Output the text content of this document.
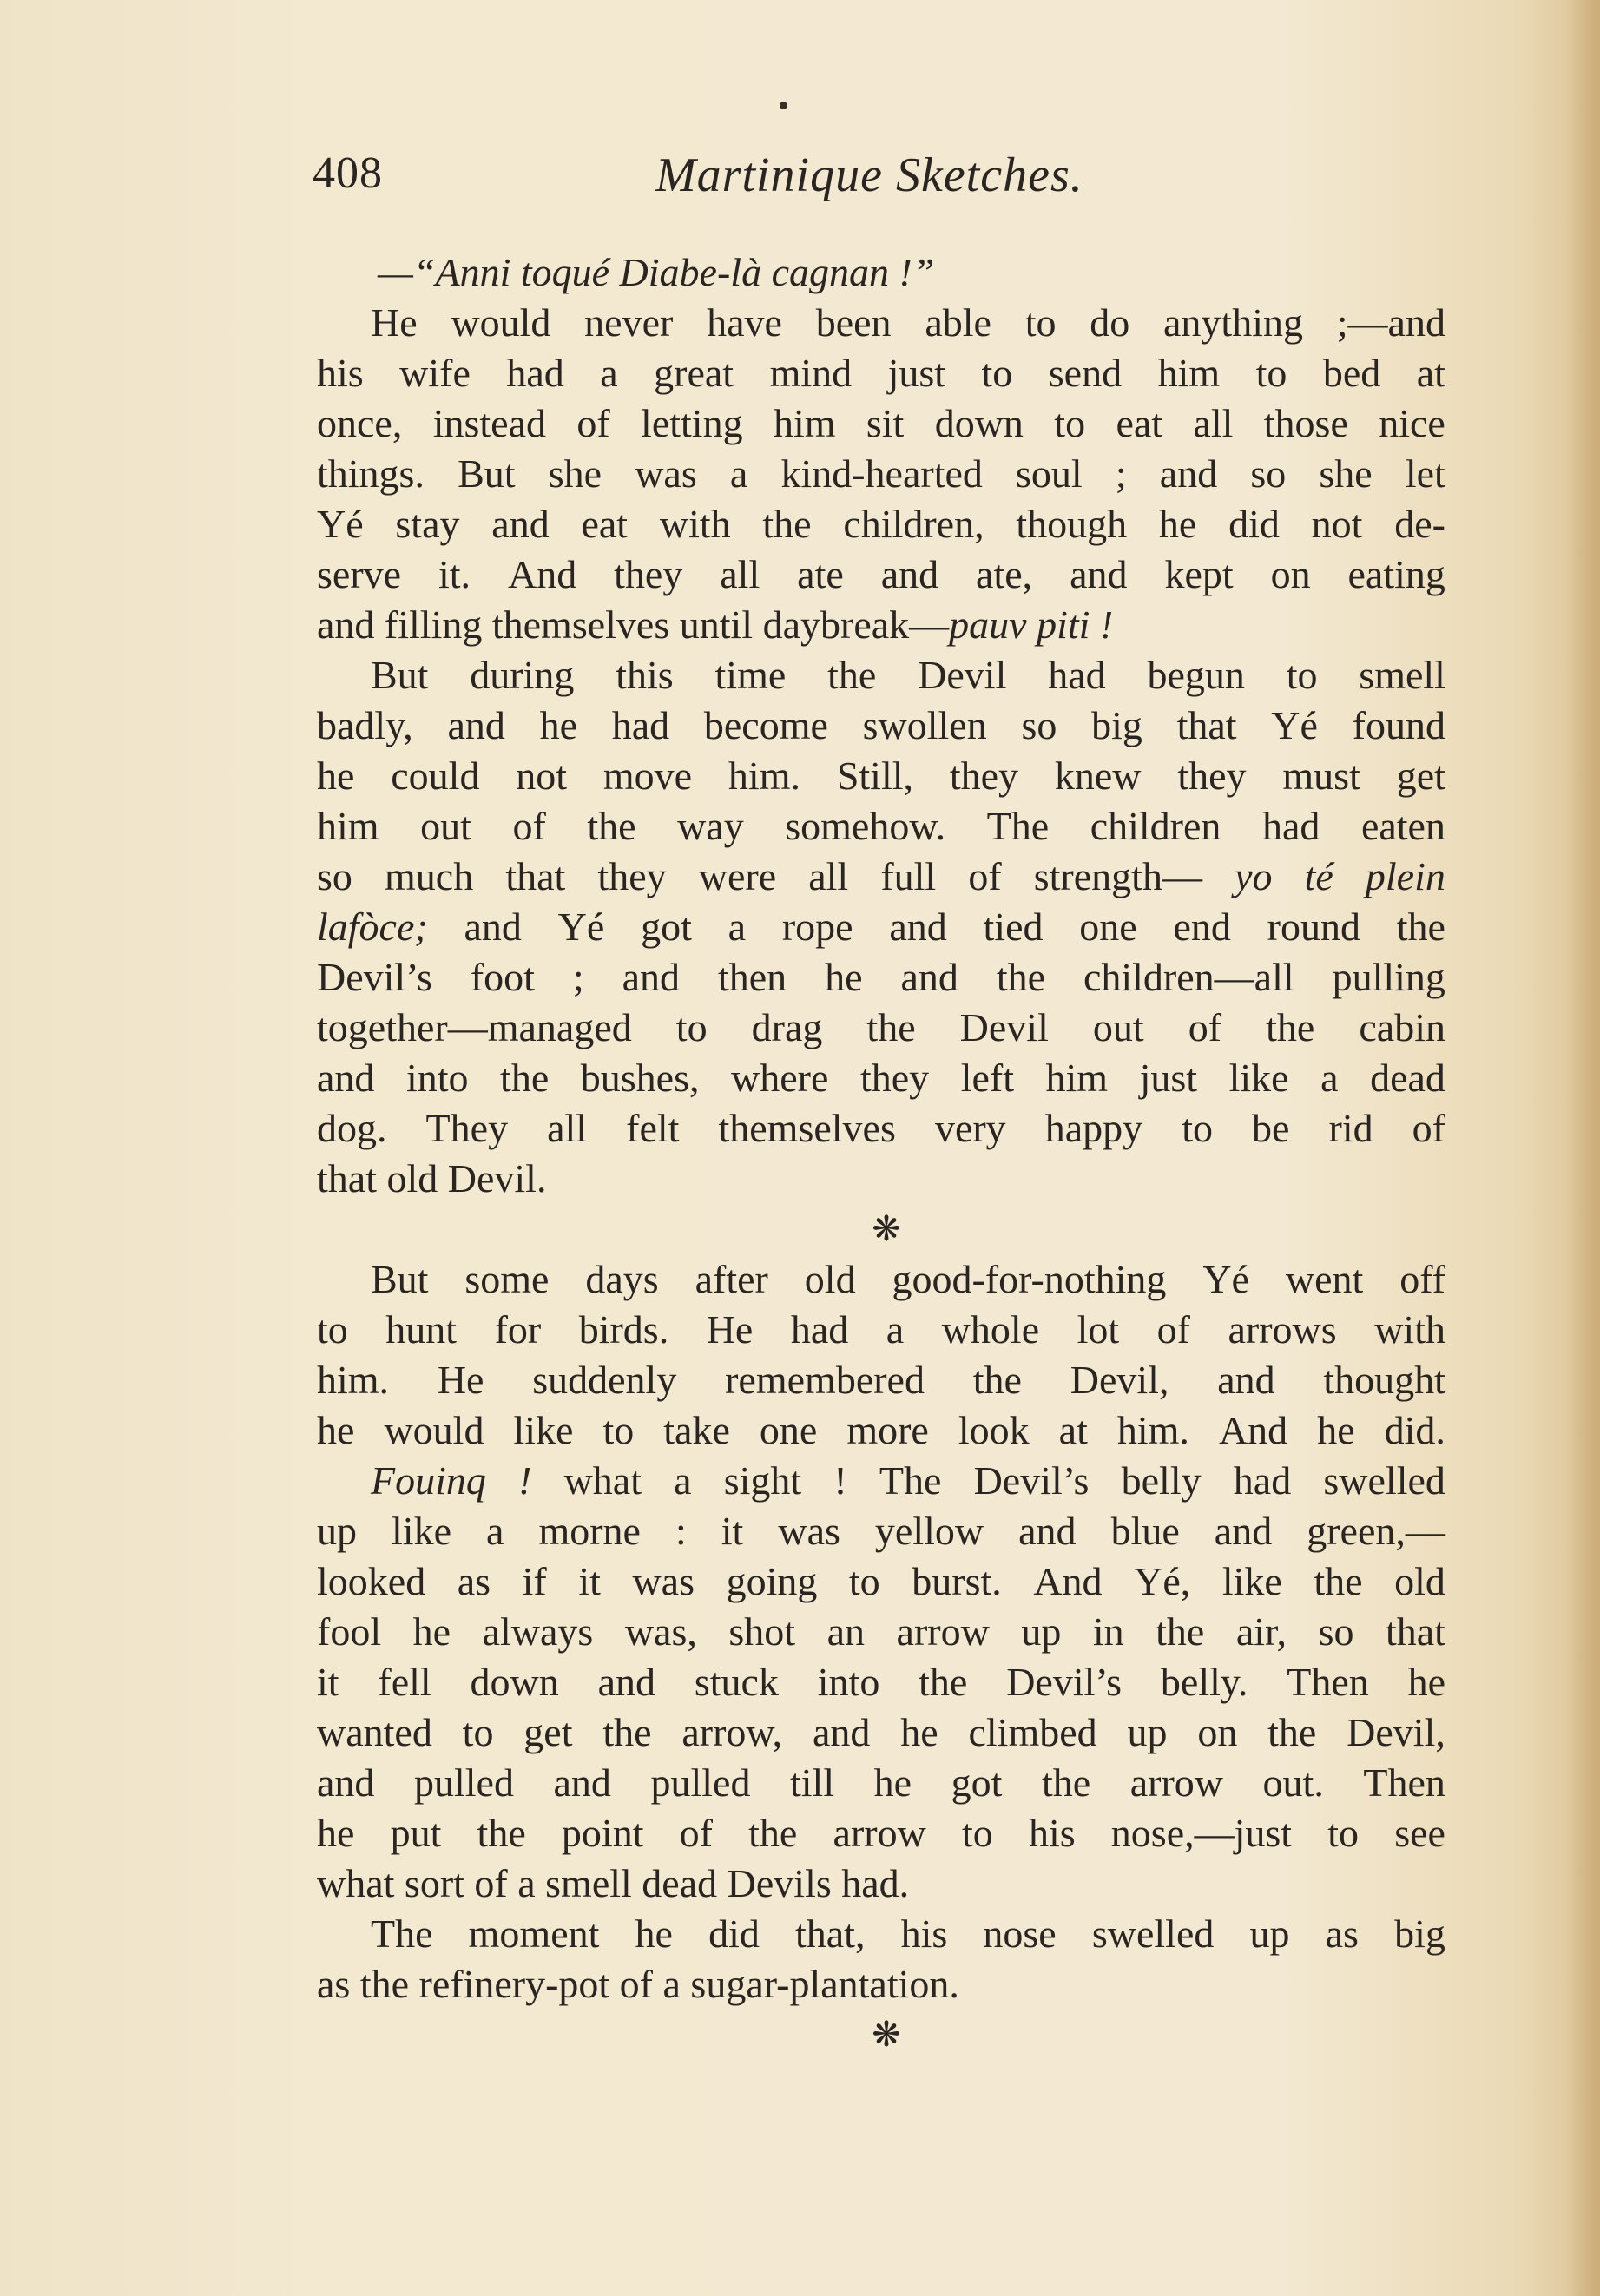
408	Martinique Sketches.
—“ Anni toqué Diabe-là cagnan ! ”
He would never have been able to do anything ;—and
his wife had a great mind just to send him to bed at
once, instead of letting him sit down to eat all those nice
things. But she was a kind-hearted soul ; and so she let
Yé stay and eat with the children, though he did not de-
serve it. And they all ate and ate, and kept on eating
and filling themselves until daybreak— pauv piti !
But during this time the Devil had begun to smell
badly, and he had become swollen so big that Yé found
he could not move him. Still, they knew they must get
him out of the way somehow. The children had eaten
so much that they were all full of strength— yo té plein
lafòce; and Yé got a rope and tied one end round the
Devil’s foot ; and then he and the children—all pulling
together—managed to drag the Devil out of the cabin
and into the bushes, where they left him just like a dead
dog. They all felt themselves very happy to be rid of
that old Devil.
❋
But some days after old good-for-nothing Yé went off
to hunt for birds. He had a whole lot of arrows with
him. He suddenly remembered the Devil, and thought
he would like to take one more look at him. And he did.
Fouinq ! what a sight ! The Devil’s belly had swelled
up like a morne : it was yellow and blue and green,—
looked as if it was going to burst. And Yé, like the old
fool he always was, shot an arrow up in the air, so that
it fell down and stuck into the Devil’s belly. Then he
wanted to get the arrow, and he climbed up on the Devil,
and pulled and pulled till he got the arrow out. Then
he put the point of the arrow to his nose,—just to see
what sort of a smell dead Devils had.
The moment he did that, his nose swelled up as big
as the refinery-pot of a sugar-plantation.
❋
